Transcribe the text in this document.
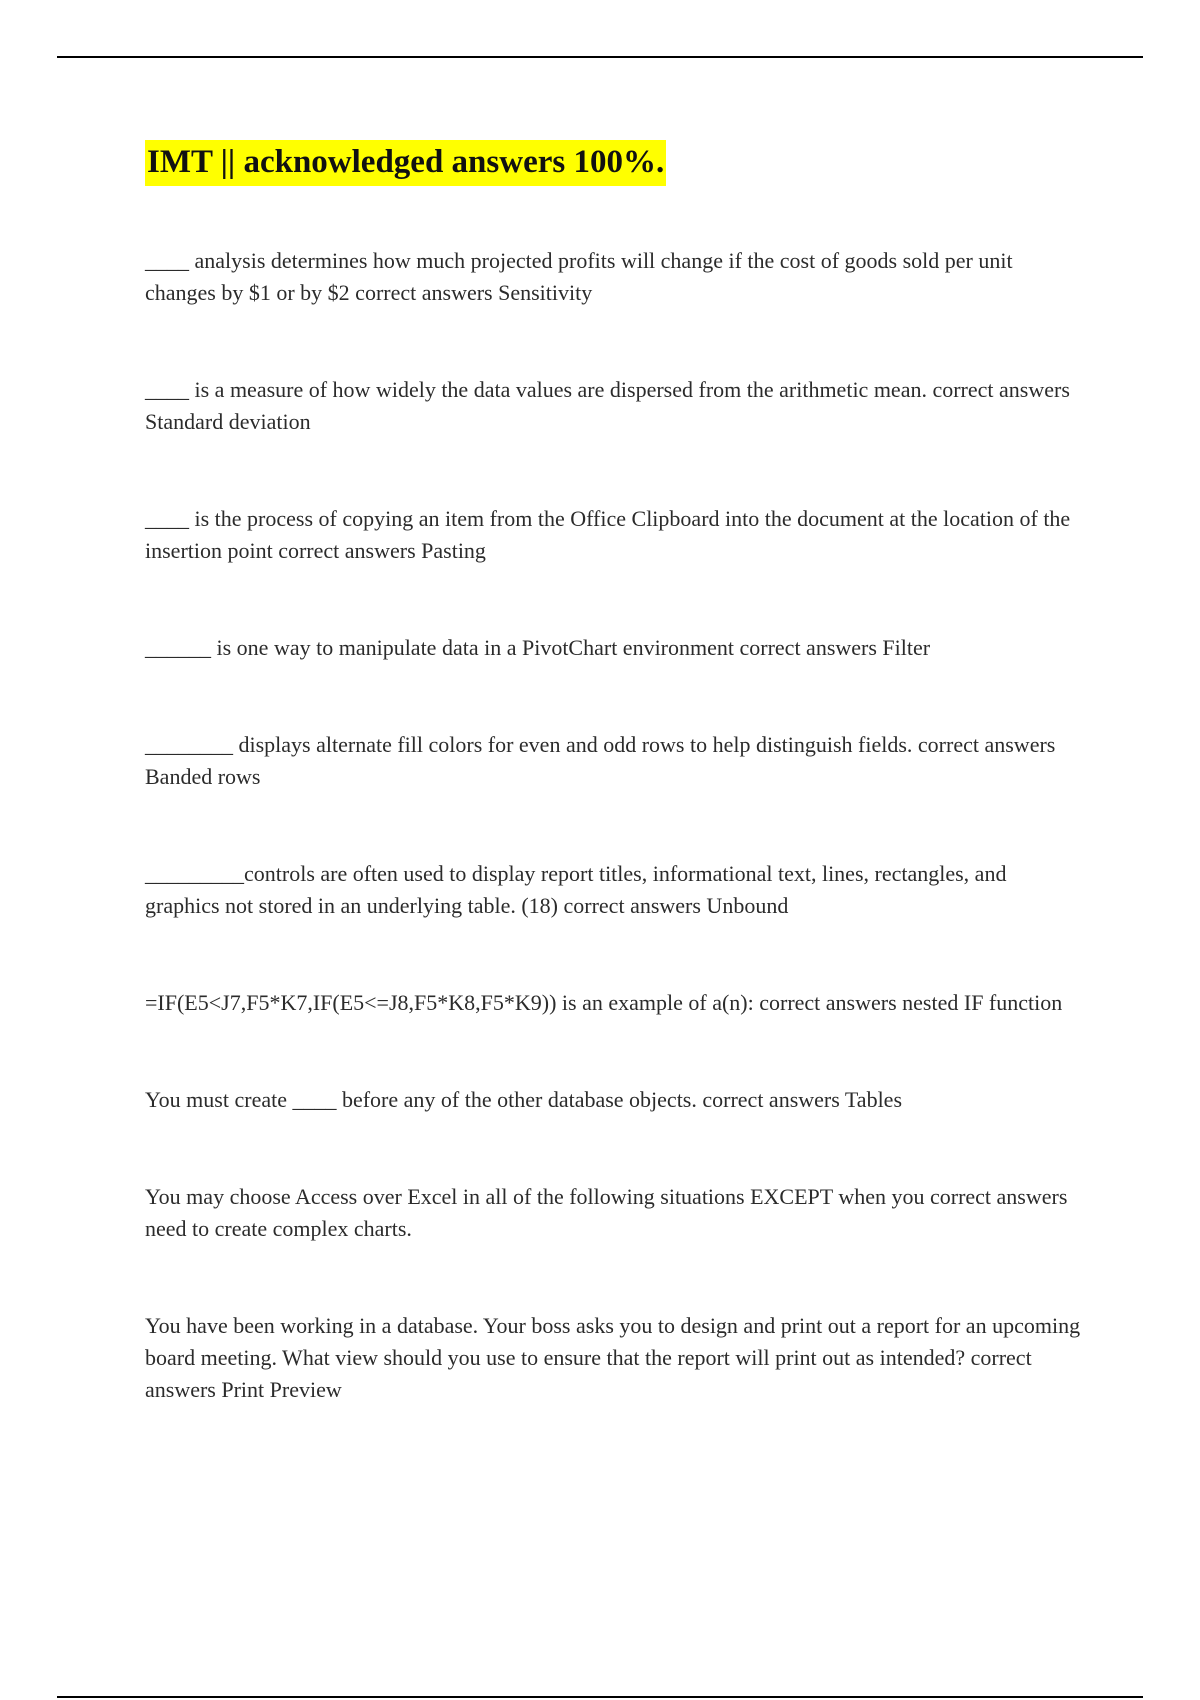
IMT || acknowledged answers 100%.
____ analysis determines how much projected profits will change if the cost of goods sold per unit changes by $1 or by $2 correct answers Sensitivity
____ is a measure of how widely the data values are dispersed from the arithmetic mean. correct answers Standard deviation
____ is the process of copying an item from the Office Clipboard into the document at the location of the insertion point correct answers Pasting
______ is one way to manipulate data in a PivotChart environment correct answers Filter
________ displays alternate fill colors for even and odd rows to help distinguish fields. correct answers Banded rows
_________controls are often used to display report titles, informational text, lines, rectangles, and graphics not stored in an underlying table. (18) correct answers Unbound
=IF(E5<J7,F5*K7,IF(E5<=J8,F5*K8,F5*K9)) is an example of a(n): correct answers nested IF function
You must create ____ before any of the other database objects. correct answers Tables
You may choose Access over Excel in all of the following situations EXCEPT when you correct answers need to create complex charts.
You have been working in a database. Your boss asks you to design and print out a report for an upcoming board meeting. What view should you use to ensure that the report will print out as intended? correct answers Print Preview
